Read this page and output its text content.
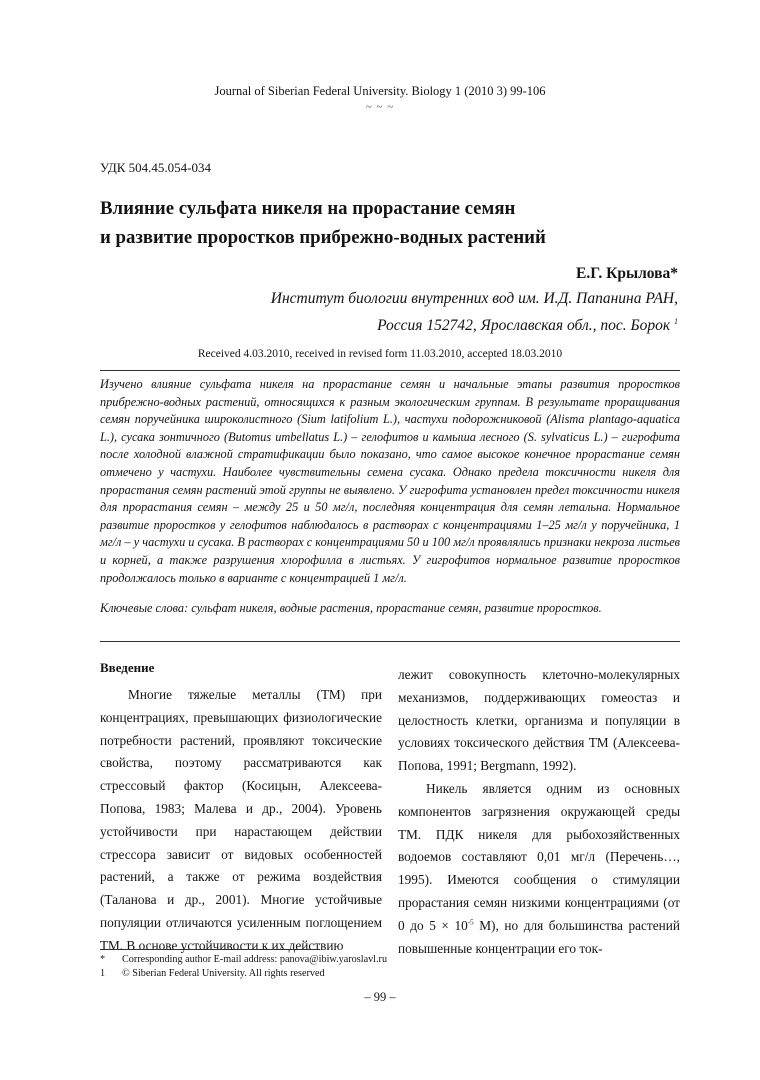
Journal of Siberian Federal University. Biology 1 (2010 3) 99-106
~ ~ ~
УДК 504.45.054-034
Влияние сульфата никеля на прорастание семян
и развитие проростков прибрежно-водных растений
Е.Г. Крылова*
Институт биологии внутренних вод им. И.Д. Папанина РАН,
Россия 152742, Ярославская обл., пос. Борок $^1$
Received 4.03.2010, received in revised form 11.03.2010, accepted 18.03.2010
Изучено влияние сульфата никеля на прорастание семян и начальные этапы развития проростков прибрежно-водных растений, относящихся к разным экологическим группам. В результате проращивания семян поручейника широколистного (Sium latifolium L.), частухи подорожниковой (Alisma plantago-aquatica L.), сусака зонтичного (Butomus umbellatus L.) – гелофитов и камыша лесного (S. sylvaticus L.) – гигрофита после холодной влажной стратификации было показано, что самое высокое конечное прорастание семян отмечено у частухи. Наиболее чувствительны семена сусака. Однако предела токсичности никеля для прорастания семян растений этой группы не выявлено. У гигрофита установлен предел токсичности никеля для прорастания семян – между 25 и 50 мг/л, последняя концентрация для семян летальна. Нормальное развитие проростков у гелофитов наблюдалось в растворах с концентрациями 1–25 мг/л у поручейника, 1 мг/л – у частухи и сусака. В растворах с концентрациями 50 и 100 мг/л проявлялись признаки некроза листьев и корней, а также разрушения хлорофилла в листьях. У гигрофитов нормальное развитие проростков продолжалось только в варианте с концентрацией 1 мг/л.
Ключевые слова: сульфат никеля, водные растения, прорастание семян, развитие проростков.
Введение
Многие тяжелые металлы (ТМ) при концентрациях, превышающих физиологические потребности растений, проявляют токсические свойства, поэтому рассматриваются как стрессовый фактор (Косицын, Алексеева-Попова, 1983; Малева и др., 2004). Уровень устойчивости при нарастающем действии стрессора зависит от видовых особенностей растений, а также от режима воздействия (Таланова и др., 2001). Многие устойчивые популяции отличаются усиленным поглощением ТМ. В основе устойчивости к их действию
лежит совокупность клеточно-молекулярных механизмов, поддерживающих гомеостаз и целостность клетки, организма и популяции в условиях токсического действия ТМ (Алексеева-Попова, 1991; Bergmann, 1992).
Никель является одним из основных компонентов загрязнения окружающей среды ТМ. ПДК никеля для рыбохозяйственных водоемов составляют 0,01 мг/л (Перечень…, 1995). Имеются сообщения о стимуляции прорастания семян низкими концентрациями (от 0 до $5 \times 10^{-5}$ М), но для большинства растений повышенные концентрации его ток-
* Corresponding author E-mail address: panova@ibiw.yaroslavl.ru
1 © Siberian Federal University. All rights reserved
– 99 –
